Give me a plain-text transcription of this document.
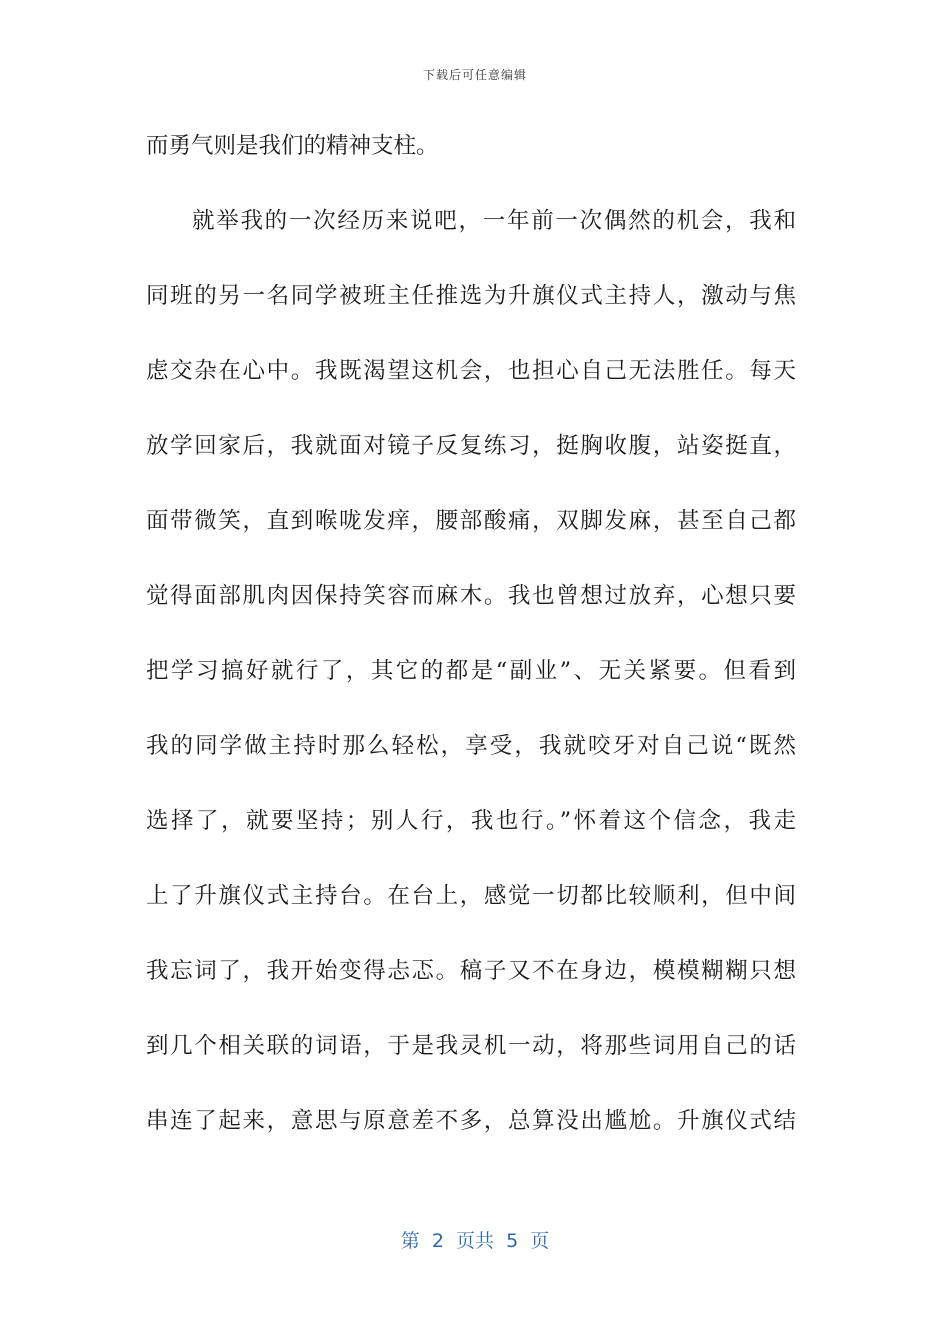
下载后可任意编辑
而勇气则是我们的精神支柱。
就举我的一次经历来说吧，一年前一次偶然的机会，我和
同班的另一名同学被班主任推选为升旗仪式主持人，激动与焦
虑交杂在心中。我既渴望这机会，也担心自己无法胜任。每天
放学回家后，我就面对镜子反复练习，挺胸收腹，站姿挺直，
面带微笑，直到喉咙发痒，腰部酸痛，双脚发麻，甚至自己都
觉得面部肌肉因保持笑容而麻木。我也曾想过放弃，心想只要
把学习搞好就行了，其它的都是“副业”、无关紧要。但看到
我的同学做主持时那么轻松，享受，我就咬牙对自己说“既然
选择了，就要坚持；别人行，我也行。”怀着这个信念，我走
上了升旗仪式主持台。在台上，感觉一切都比较顺利，但中间
我忘词了，我开始变得忐忑。稿子又不在身边，模模糊糊只想
到几个相关联的词语，于是我灵机一动，将那些词用自己的话
串连了起来，意思与原意差不多，总算没出尴尬。升旗仪式结
第  2  页共  5  页
